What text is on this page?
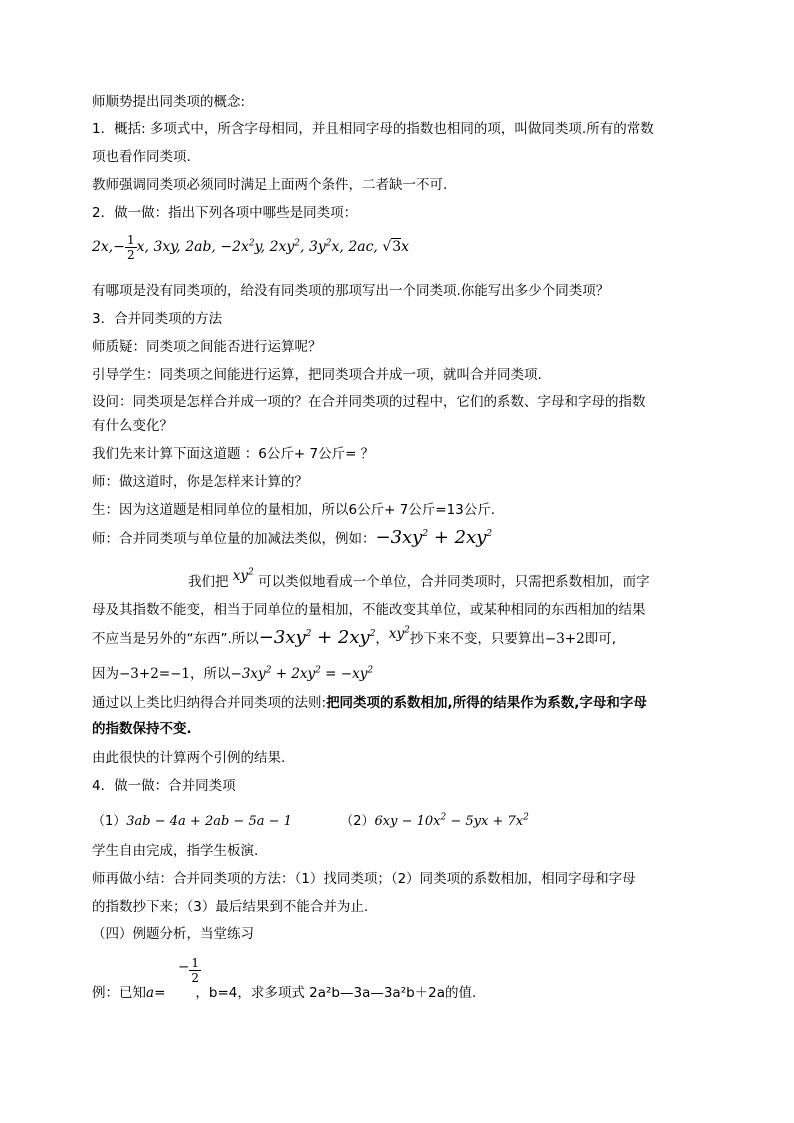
师顺势提出同类项的概念:
1．概括: 多项式中，所含字母相同，并且相同字母的指数也相同的项，叫做同类项.所有的常数
项也看作同类项.
教师强调同类项必须同时满足上面两个条件，二者缺一不可.
2．做一做：指出下列各项中哪些是同类项：
$2x,- \frac{1}{2} x$, 3xy, 2ab, $-2x^2y$, $2xy^2$, $3y^2x$, 2ac, √3x
有哪项是没有同类项的，给没有同类项的那项写出一个同类项.你能写出多少个同类项？
3．合并同类项的方法
师质疑：同类项之间能否进行运算呢？
引导学生：同类项之间能进行运算，把同类项合并成一项，就叫合并同类项.
设问：同类项是怎样合并成一项的？在合并同类项的过程中，它们的系数、字母和字母的指数
有什么变化？
我们先来计算下面这道题 ：6公斤+ 7公斤= ？
师：做这道时，你是怎样来计算的？
生：因为这道题是相同单位的量相加，所以6公斤+ 7公斤=13公斤.
师：合并同类项与单位量的加减法类似，例如：$-3xy^2 + 2xy^2$
我们把 $xy^2$ 可以类似地看成一个单位，合并同类项时，只需把系数相加，而字
母及其指数不能变，相当于同单位的量相加，不能改变其单位，或某种相同的东西相加的结果
不应当是另外的“东西”.所以$-3xy^2 + 2xy^2$，$xy^2$抄下来不变，只要算出−3+2即可,
因为−3+2=−1，所以$-3xy^2 + 2xy^2 = -xy^2$
通过以上类比归纳得合并同类项的法则:把同类项的系数相加,所得的结果作为系数,字母和字母
的指数保持不变.
由此很快的计算两个引例的结果.
4．做一做：合并同类项
（1）3ab − 4a + 2ab − 5a − 1	$(2)6xy - 10x^2 - 5yx + 7x^2$
学生自由完成，指学生板演.
师再做小结：合并同类项的方法：（1）找同类项；（2）同类项的系数相加，相同字母和字母
的指数抄下来；（3）最后结果到不能合并为止.
（四）例题分析，当堂练习
− $\frac{1}{2}$
例：已知a= ，b=4，求多项式 2a²b—3a—3a²b＋2a的值.
